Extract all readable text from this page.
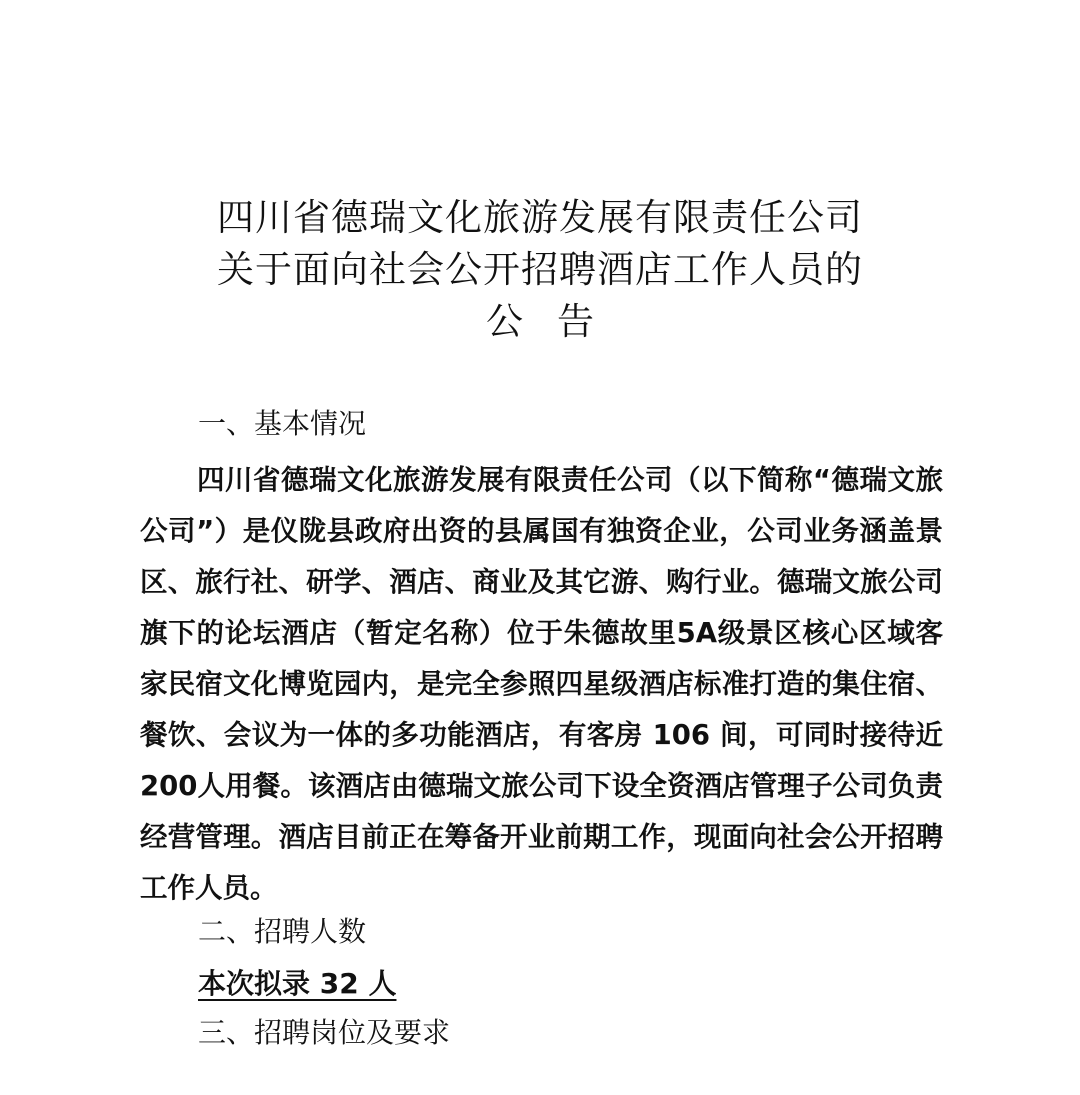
四川省德瑞文化旅游发展有限责任公司
关于面向社会公开招聘酒店工作人员的
公告
一、基本情况
四川省德瑞文化旅游发展有限责任公司（以下简称“德瑞文旅公司”）是仪陇县政府出资的县属国有独资企业，公司业务涵盖景区、旅行社、研学、酒店、商业及其它游、购行业。德瑞文旅公司旗下的论坛酒店（暂定名称）位于朱德故里5A级景区核心区域客家民宿文化博览园内，是完全参照四星级酒店标准打造的集住宿、餐饮、会议为一体的多功能酒店，有客房 106 间，可同时接待近200人用餐。该酒店由德瑞文旅公司下设全资酒店管理子公司负责经营管理。酒店目前正在筹备开业前期工作，现面向社会公开招聘工作人员。
二、招聘人数
本次拟录 32 人
三、招聘岗位及要求
